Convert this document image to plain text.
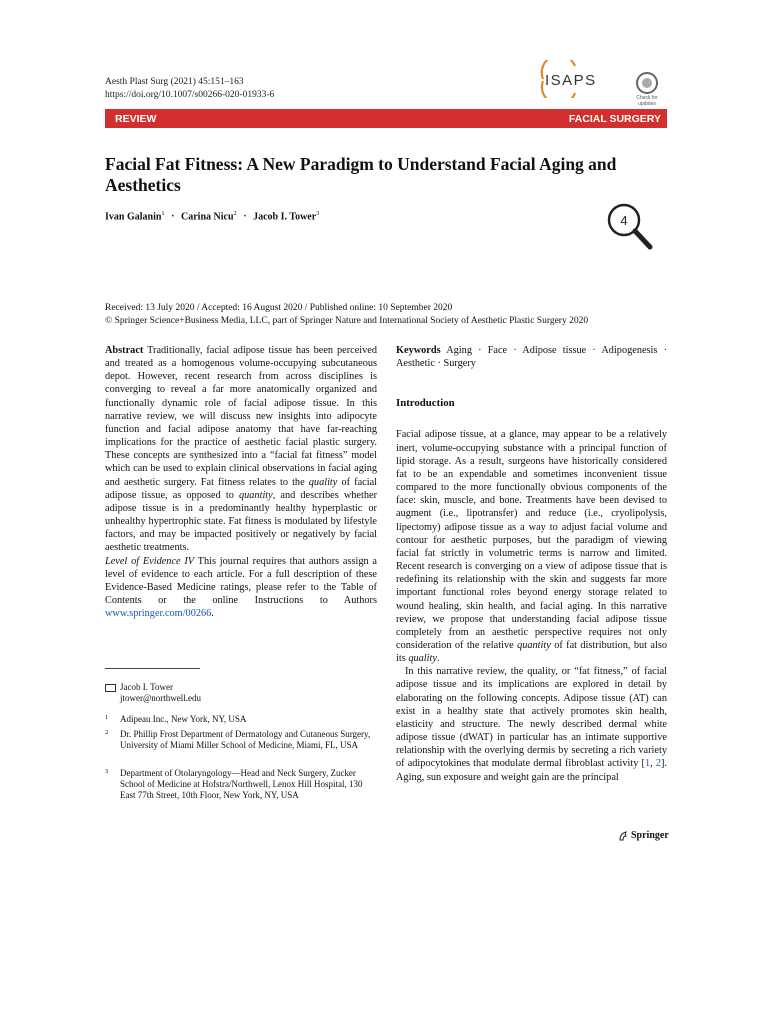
Aesth Plast Surg (2021) 45:151–163
https://doi.org/10.1007/s00266-020-01933-6
ISAPS
Check for updates
REVIEW	FACIAL SURGERY
Facial Fat Fitness: A New Paradigm to Understand Facial Aging and Aesthetics
Ivan Galanin$^1$ · Carina Nicu$^2$ · Jacob I. Tower$^3$	4
Received: 13 July 2020 / Accepted: 16 August 2020 / Published online: 10 September 2020
© Springer Science+Business Media, LLC, part of Springer Nature and International Society of Aesthetic Plastic Surgery 2020

Abstract Traditionally, facial adipose tissue has been perceived and treated as a homogenous volume-occupying subcutaneous depot. However, recent research from across disciplines is converging to reveal a far more anatomically organized and functionally dynamic role of facial adipose tissue. In this narrative review, we will discuss new insights into adipocyte function and facial adipose anatomy that have far-reaching implications for the practice of aesthetic facial plastic surgery. These concepts are synthesized into a “facial fat fitness” model which can be used to explain clinical observations in facial aging and aesthetic surgery. Fat fitness relates to the quality of facial adipose tissue, as opposed to quantity, and describes whether adipose tissue is in a predominantly healthy hyperplastic or unhealthy hypertrophic state. Fat fitness is modulated by lifestyle factors, and may be impacted positively or negatively by facial aesthetic treatments.

Level of Evidence IV This journal requires that authors assign a level of evidence to each article. For a full description of these Evidence-Based Medicine ratings, please refer to the Table of Contents or the online Instructions to Authors www.springer.com/00266.

Jacob I. Tower
jtower@northwell.edu
1 Adipeau Inc., New York, NY, USA
2 Dr. Phillip Frost Department of Dermatology and Cutaneous Surgery, University of Miami Miller School of Medicine, Miami, FL, USA
3 Department of Otolaryngology—Head and Neck Surgery, Zucker School of Medicine at Hofstra/Northwell, Lenox Hill Hospital, 130 East 77th Street, 10th Floor, New York, NY, USA

Keywords Aging · Face · Adipose tissue · Adipogenesis · Aesthetic · Surgery

Introduction

Facial adipose tissue, at a glance, may appear to be a relatively inert, volume-occupying substance with a principal function of lipid storage. As a result, surgeons have historically considered fat to be an expendable and sometimes inconvenient tissue compared to the more functionally obvious components of the face: skin, muscle, and bone. Treatments have been devised to augment (i.e., lipotransfer) and reduce (i.e., cryolipolysis, lipectomy) adipose tissue as a way to adjust facial volume and contour for aesthetic purposes, but the paradigm of viewing facial fat strictly in volumetric terms is narrow and limited. Recent research is converging on a view of adipose tissue that is redefining its relationship with the skin and suggests far more important functional roles beyond energy storage related to wound healing, skin health, and facial aging. In this narrative review, we propose that understanding facial adipose tissue completely from an aesthetic perspective requires not only consideration of the relative quantity of fat distribution, but also its quality.

In this narrative review, the quality, or “fat fitness,” of facial adipose tissue and its implications are explored in detail by elaborating on the following concepts. Adipose tissue (AT) can exist in a healthy state that actively promotes skin health, elasticity and structure. The newly described dermal white adipose tissue (dWAT) in particular has an intimate supportive relationship with the overlying dermis by secreting a rich variety of adipocytokines that modulate dermal fibroblast activity [1, 2]. Aging, sun exposure and weight gain are the principal

Springer
